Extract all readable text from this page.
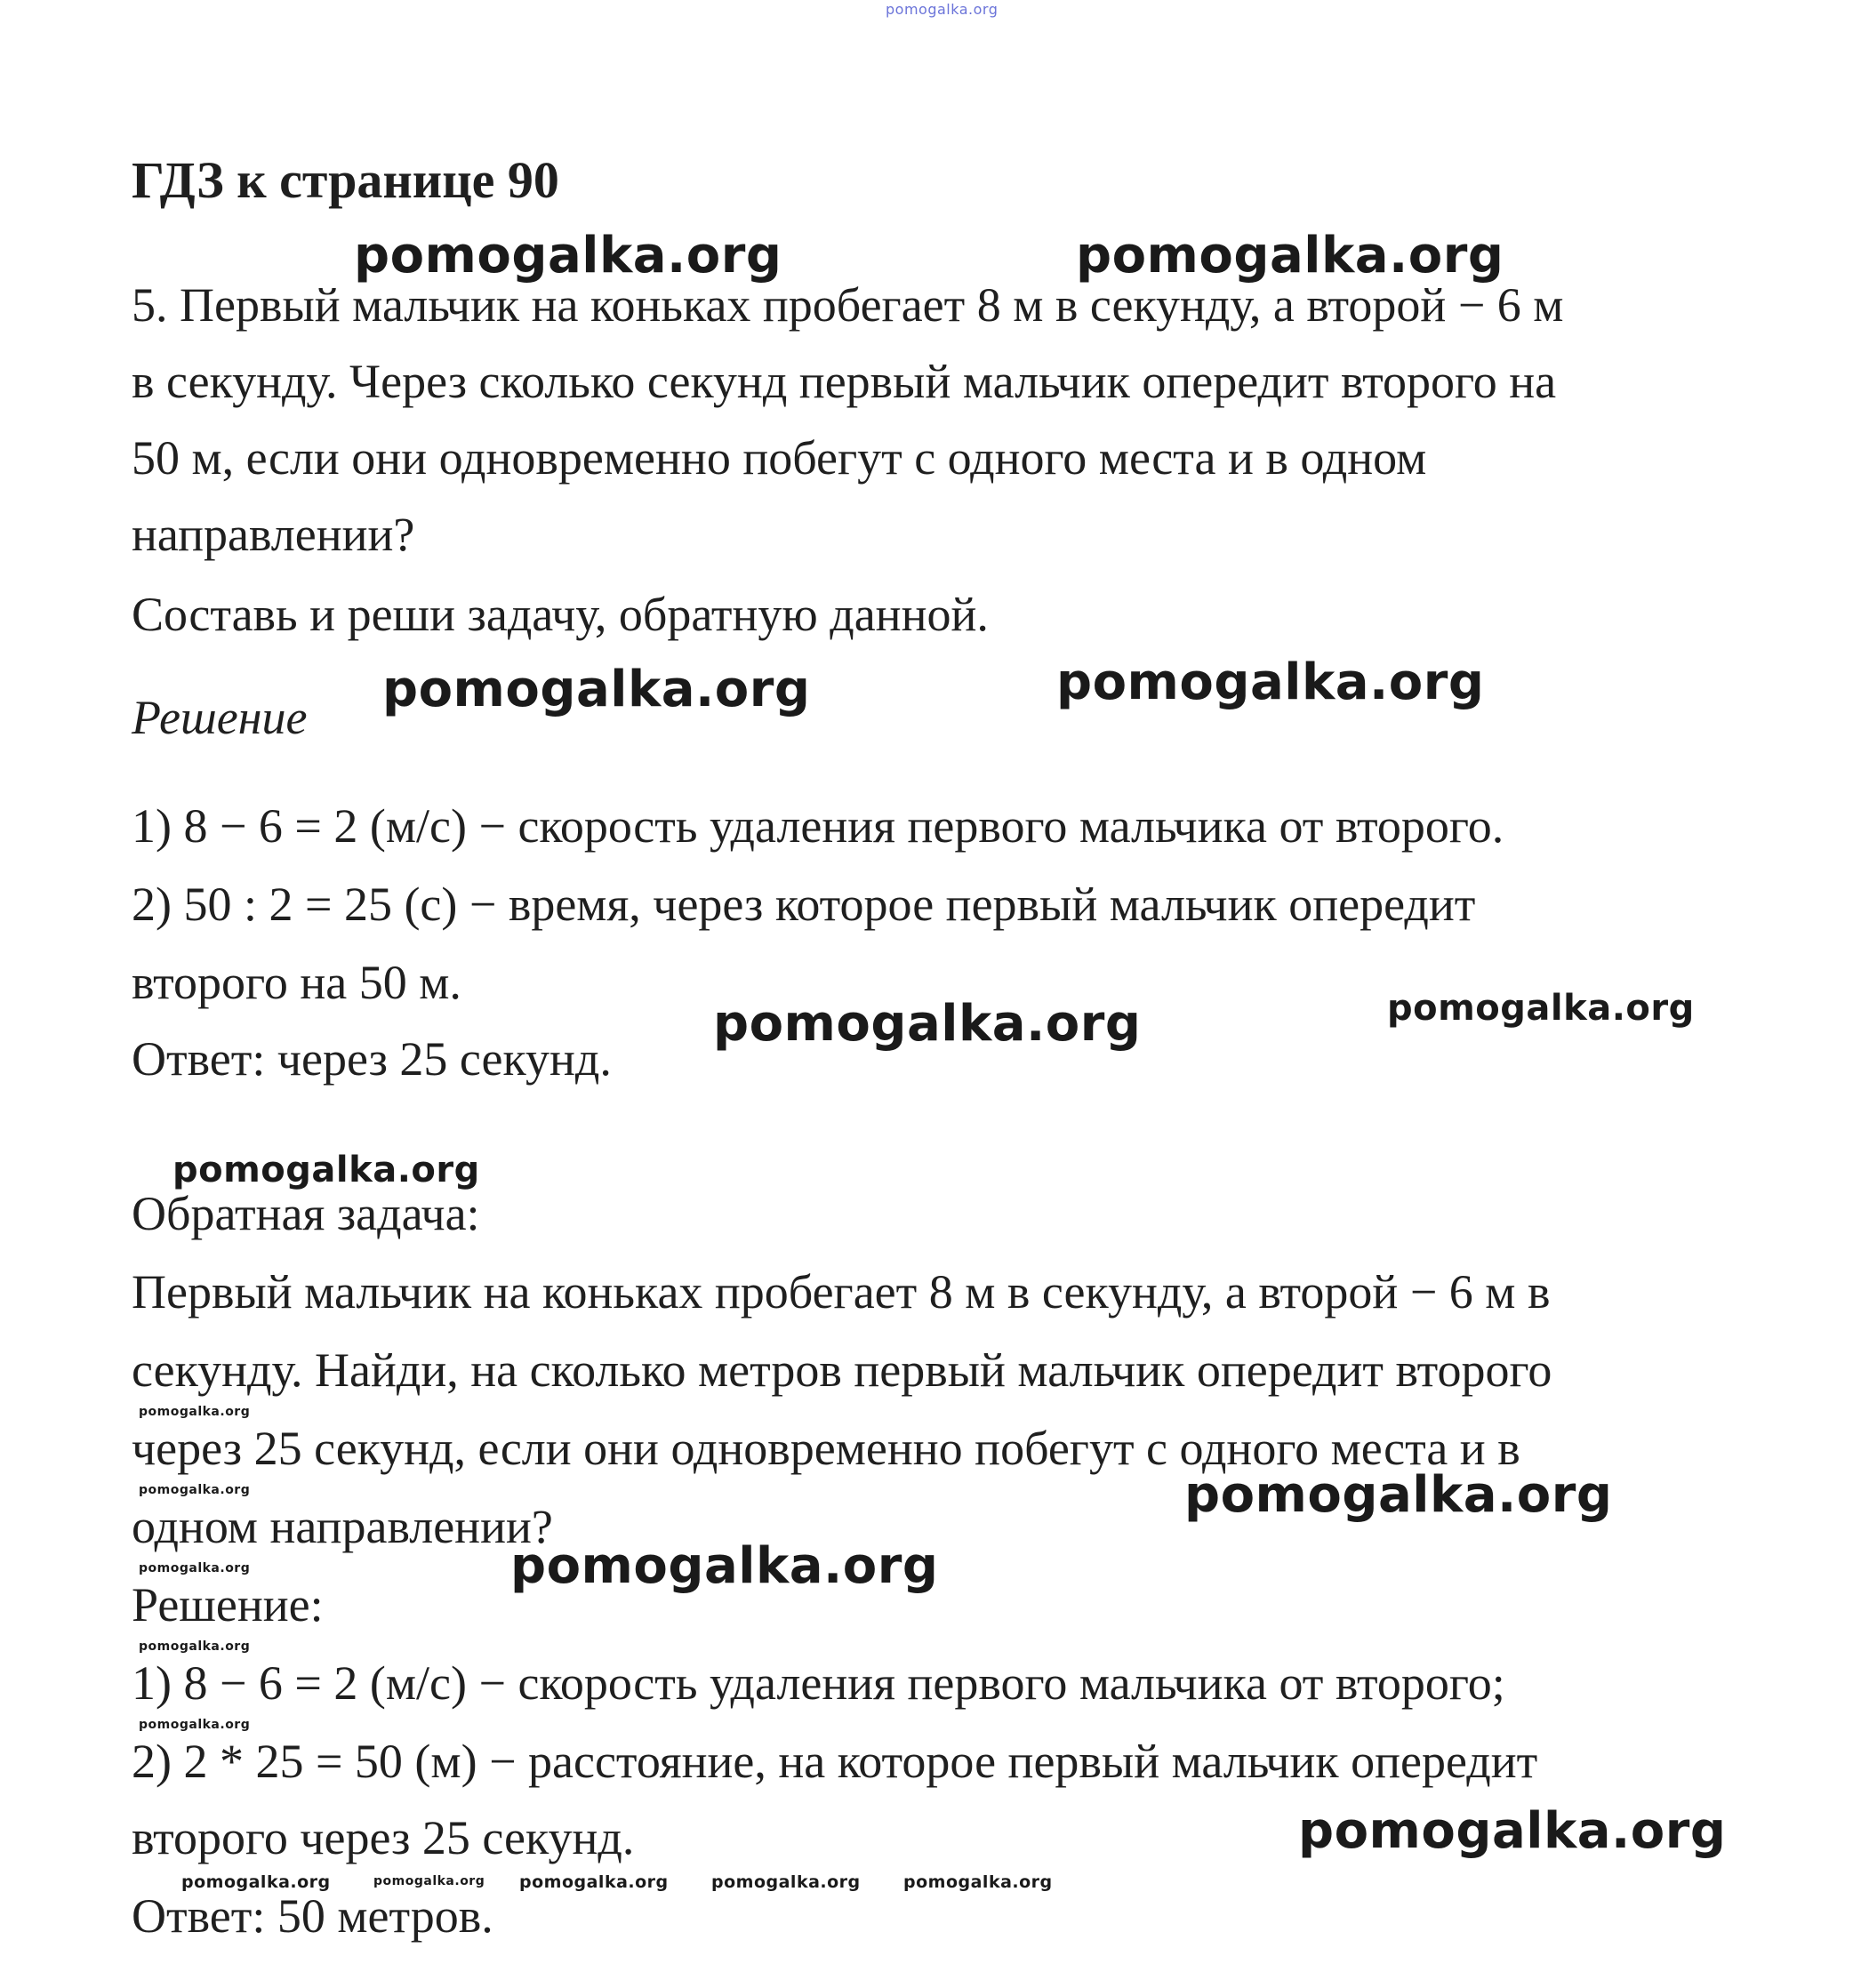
pomogalka.org
ГДЗ к странице 90
pomogalka.org	pomogalka.org
5. Первый мальчик на коньках пробегает 8 м в секунду, а второй − 6 м
в секунду. Через сколько секунд первый мальчик опередит второго на
50 м, если они одновременно побегут с одного места и в одном
направлении?
Составь и реши задачу, обратную данной.
Решение pomogalka.org	pomogalka.org
1) 8 − 6 = 2 (м/с) − скорость удаления первого мальчика от второго.
2) 50 : 2 = 25 (с) − время, через которое первый мальчик опередит
второго на 50 м.
Ответ: через 25 секунд.
pomogalka.org	pomogalka.org
pomogalka.org
Обратная задача:
Первый мальчик на коньках пробегает 8 м в секунду, а второй − 6 м в
секунду. Найди, на сколько метров первый мальчик опередит второго
pomogalka.org
через 25 секунд, если они одновременно побегут с одного места и в
pomogalka.org	pomogalka.org
одном направлении?
pomogalka.org	pomogalka.org
Решение:
pomogalka.org
1) 8 − 6 = 2 (м/с) − скорость удаления первого мальчика от второго;
pomogalka.org
2) 2 * 25 = 50 (м) − расстояние, на которое первый мальчик опередит
второго через 25 секунд.	pomogalka.org
pomogalka.org	pomogalka.org pomogalka.org	pomogalka.org	pomogalka.org
Ответ: 50 метров.
